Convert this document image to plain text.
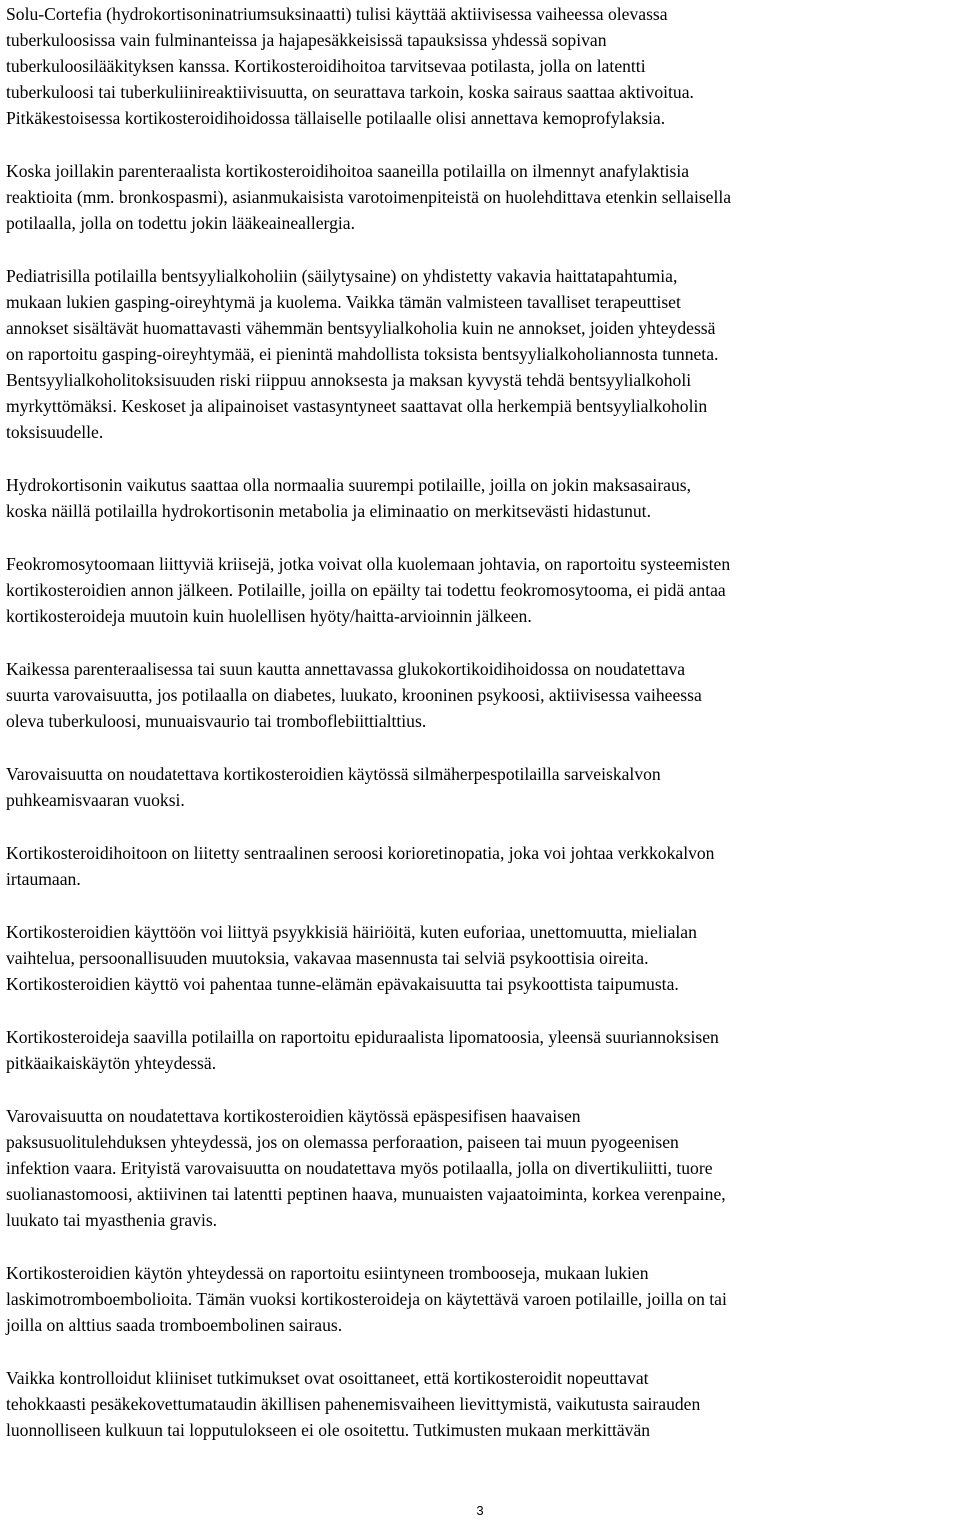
Solu-Cortefia (hydrokortisoninatriumsuksinaatti) tulisi käyttää aktiivisessa vaiheessa olevassa
tuberkuloosissa vain fulminanteissa ja hajapesäkkeisissä tapauksissa yhdessä sopivan
tuberkuloosilääkityksen kanssa. Kortikosteroidihoitoa tarvitsevaa potilasta, jolla on latentti
tuberkuloosi tai tuberkuliinireaktiivisuutta, on seurattava tarkoin, koska sairaus saattaa aktivoitua.
Pitkäkestoisessa kortikosteroidihoidossa tällaiselle potilaalle olisi annettava kemoprofylaksia.

Koska joillakin parenteraalista kortikosteroidihoitoa saaneilla potilailla on ilmennyt anafylaktisia
reaktioita (mm. bronkospasmi), asianmukaisista varotoimenpiteistä on huolehdittava etenkin sellaisella
potilaalla, jolla on todettu jokin lääkeaineallergia.

Pediatrisilla potilailla bentsyylialkoholiin (säilytysaine) on yhdistetty vakavia haittatapahtumia,
mukaan lukien gasping-oireyhtymä ja kuolema. Vaikka tämän valmisteen tavalliset terapeuttiset
annokset sisältävät huomattavasti vähemmän bentsyylialkoholia kuin ne annokset, joiden yhteydessä
on raportoitu gasping-oireyhtymää, ei pienintä mahdollista toksista bentsyylialkoholiannosta tunneta.
Bentsyylialkoholitoksisuuden riski riippuu annoksesta ja maksan kyvystä tehdä bentsyylialkoholi
myrkyttömäksi. Keskoset ja alipainoiset vastasyntyneet saattavat olla herkempiä bentsyylialkoholin
toksisuudelle.

Hydrokortisonin vaikutus saattaa olla normaalia suurempi potilaille, joilla on jokin maksasairaus,
koska näillä potilailla hydrokortisonin metabolia ja eliminaatio on merkitsevästi hidastunut.

Feokromosytoomaan liittyviä kriisejä, jotka voivat olla kuolemaan johtavia, on raportoitu systeemisten
kortikosteroidien annon jälkeen. Potilaille, joilla on epäilty tai todettu feokromosytooma, ei pidä antaa
kortikosteroideja muutoin kuin huolellisen hyöty/haitta-arvioinnin jälkeen.

Kaikessa parenteraalisessa tai suun kautta annettavassa glukokortikoidihoidossa on noudatettava
suurta varovaisuutta, jos potilaalla on diabetes, luukato, krooninen psykoosi, aktiivisessa vaiheessa
oleva tuberkuloosi, munuaisvaurio tai tromboflebiittialttius.

Varovaisuutta on noudatettava kortikosteroidien käytössä silmäherpespotilailla sarveiskalvon
puhkeamisvaaran vuoksi.

Kortikosteroidihoitoon on liitetty sentraalinen seroosi korioretinopatia, joka voi johtaa verkkokalvon
irtaumaan.

Kortikosteroidien käyttöön voi liittyä psyykkisiä häiriöitä, kuten euforiaa, unettomuutta, mielialan
vaihtelua, persoonallisuuden muutoksia, vakavaa masennusta tai selviä psykoottisia oireita.
Kortikosteroidien käyttö voi pahentaa tunne-elämän epävakaisuutta tai psykoottista taipumusta.

Kortikosteroideja saavilla potilailla on raportoitu epiduraalista lipomatoosia, yleensä suuriannoksisen
pitkäaikaiskäytön yhteydessä.

Varovaisuutta on noudatettava kortikosteroidien käytössä epäspesifisen haavaisen
paksusuolitulehduksen yhteydessä, jos on olemassa perforaation, paiseen tai muun pyogeenisen
infektion vaara. Erityistä varovaisuutta on noudatettava myös potilaalla, jolla on divertikuliitti, tuore
suolianastomoosi, aktiivinen tai latentti peptinen haava, munuaisten vajaatoiminta, korkea verenpaine,
luukato tai myasthenia gravis.

Kortikosteroidien käytön yhteydessä on raportoitu esiintyneen tromboosеja, mukaan lukien
laskimotromboembolioita. Tämän vuoksi kortikosteroideja on käytettävä varoen potilaille, joilla on tai
joilla on alttius saada tromboembolinen sairaus.

Vaikka kontrolloidut kliiniset tutkimukset ovat osoittaneet, että kortikosteroidit nopeuttavat
tehokkaasti pesäkekovettumataudin äkillisen pahenemisvaiheen lievittymistä, vaikutusta sairauden
luonnolliseen kulkuun tai lopputulokseen ei ole osoitettu. Tutkimusten mukaan merkittävän

3
